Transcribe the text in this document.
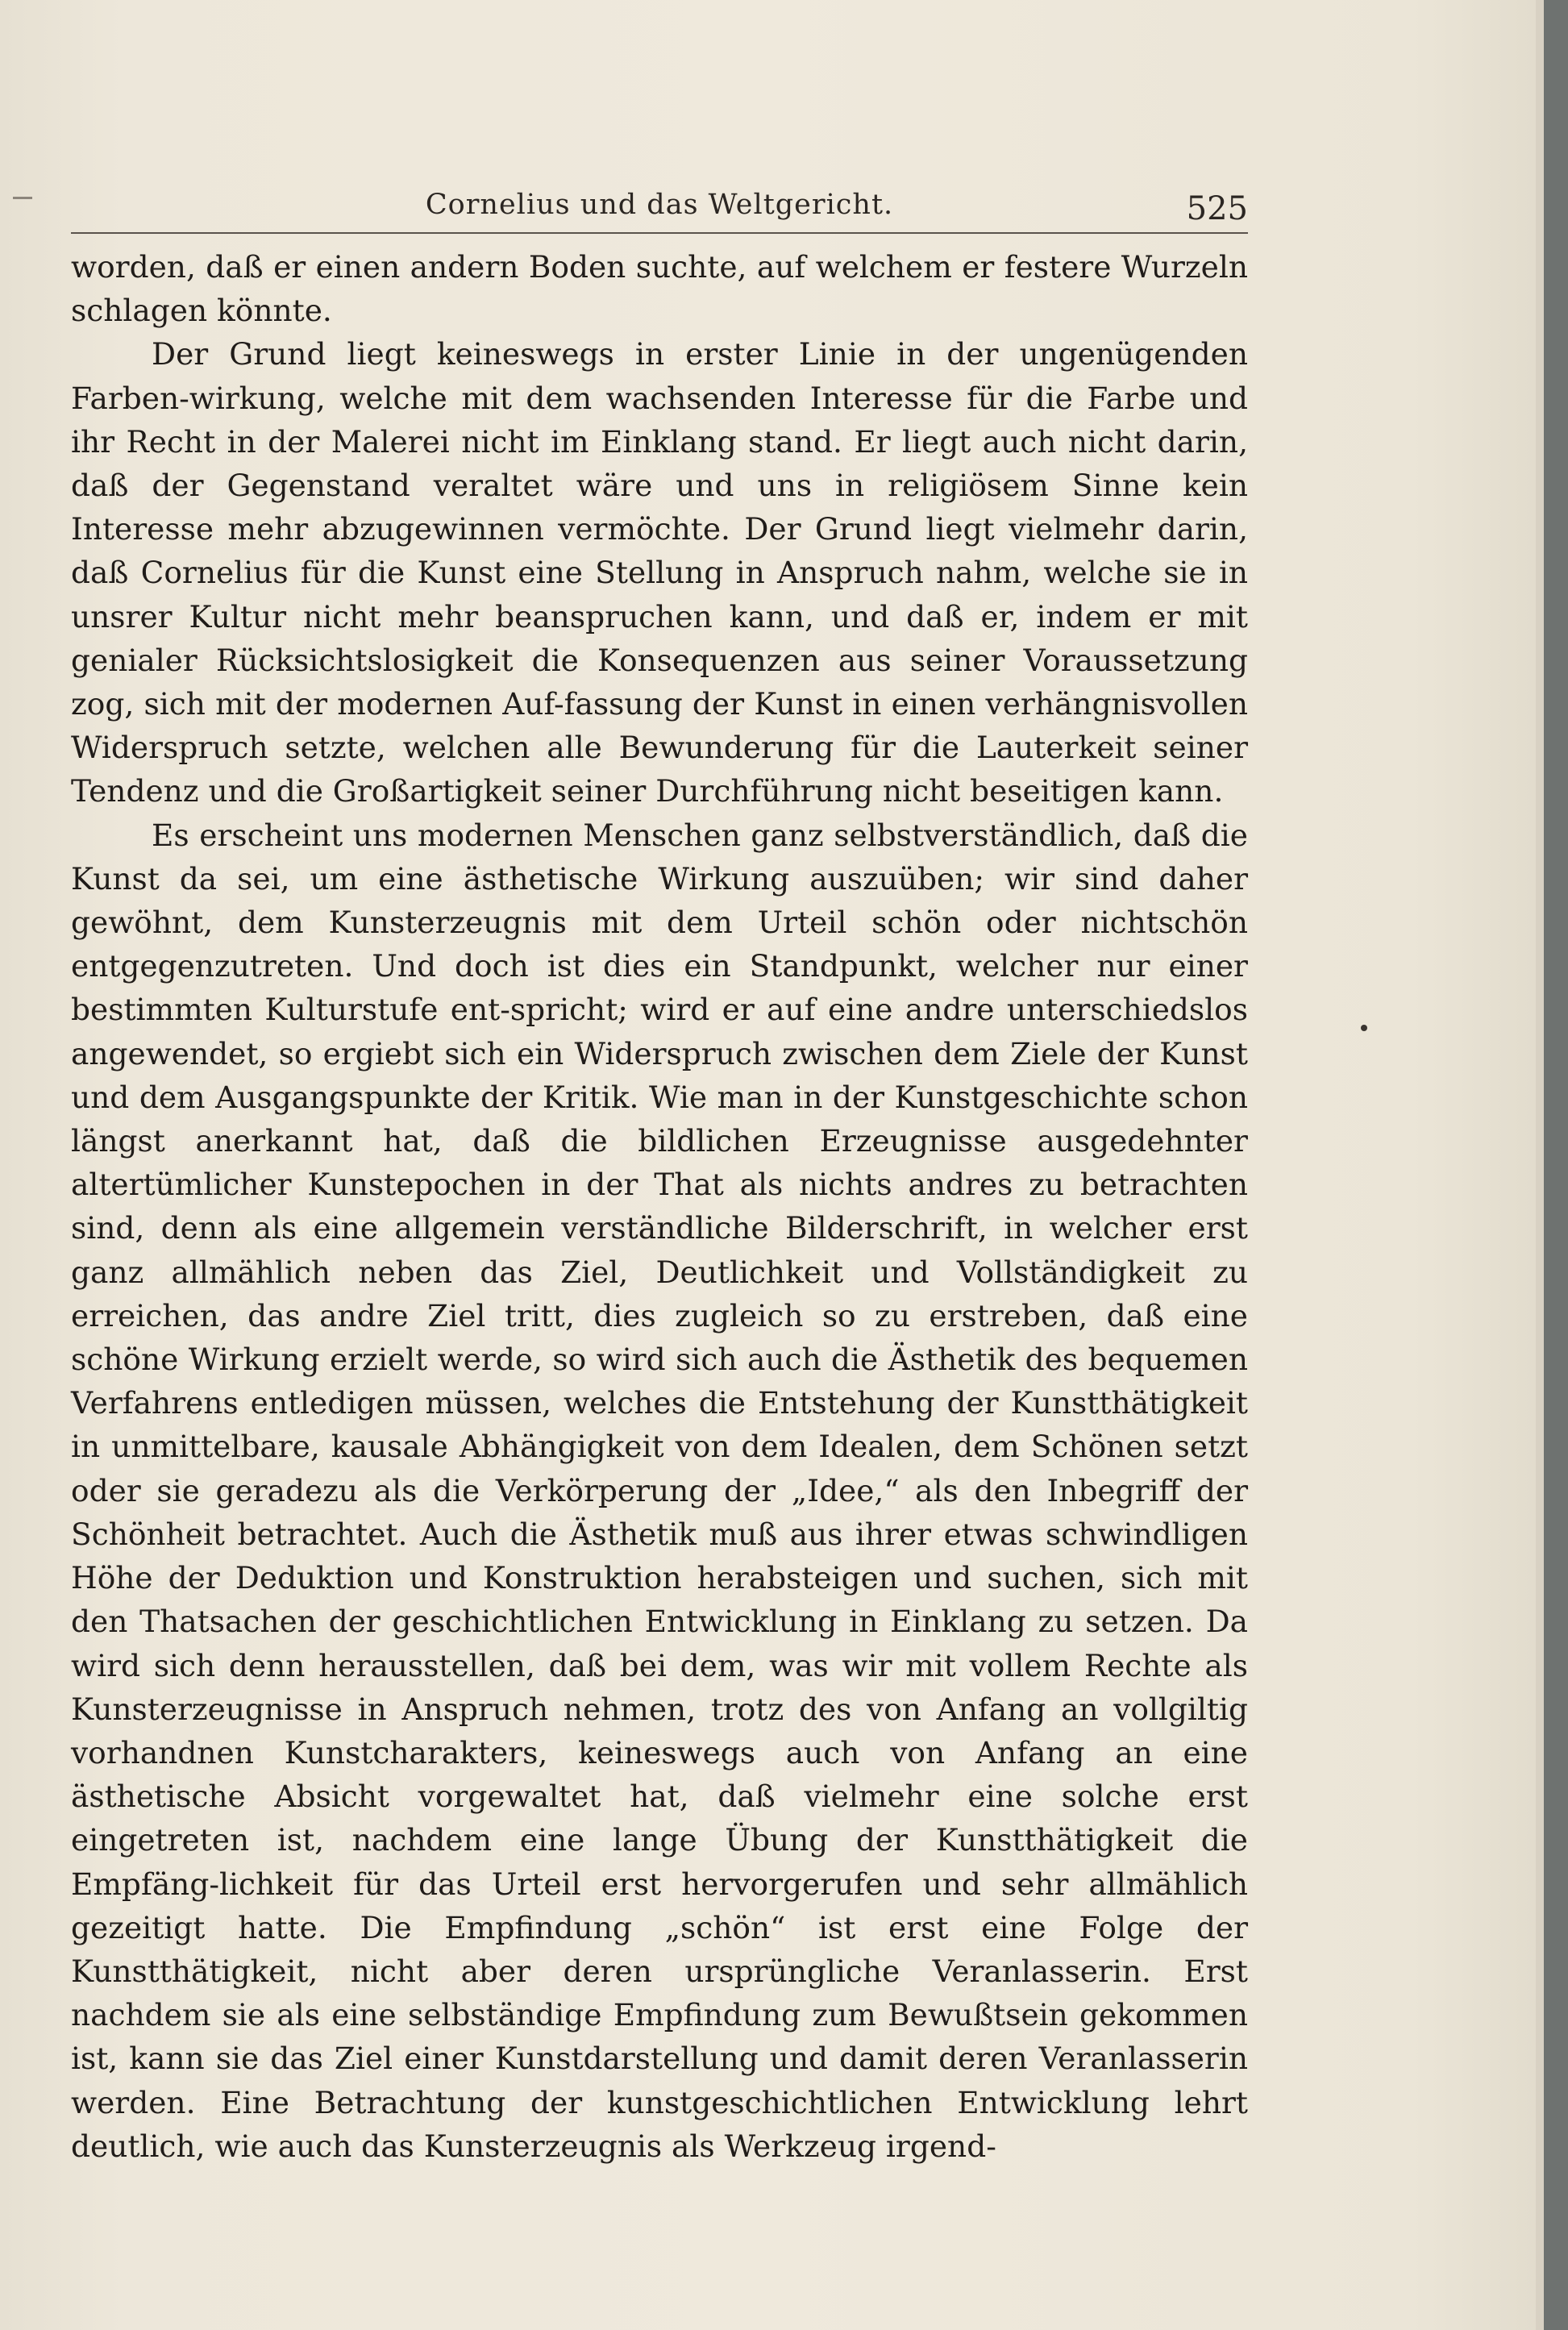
Cornelius und das Weltgericht.	525

worden, daß er einen andern Boden suchte, auf welchem er festere Wurzeln schlagen könnte.

Der Grund liegt keineswegs in erster Linie in der ungenügenden Farben-wirkung, welche mit dem wachsenden Interesse für die Farbe und ihr Recht in der Malerei nicht im Einklang stand. Er liegt auch nicht darin, daß der Gegenstand veraltet wäre und uns in religiösem Sinne kein Interesse mehr abzugewinnen vermöchte. Der Grund liegt vielmehr darin, daß Cornelius für die Kunst eine Stellung in Anspruch nahm, welche sie in unsrer Kultur nicht mehr beanspruchen kann, und daß er, indem er mit genialer Rücksichtslosigkeit die Konsequenzen aus seiner Voraussetzung zog, sich mit der modernen Auf-fassung der Kunst in einen verhängnisvollen Widerspruch setzte, welchen alle Bewunderung für die Lauterkeit seiner Tendenz und die Großartigkeit seiner Durchführung nicht beseitigen kann.

Es erscheint uns modernen Menschen ganz selbstverständlich, daß die Kunst da sei, um eine ästhetische Wirkung auszuüben; wir sind daher gewöhnt, dem Kunsterzeugnis mit dem Urteil schön oder nichtschön entgegenzutreten. Und doch ist dies ein Standpunkt, welcher nur einer bestimmten Kulturstufe ent-spricht; wird er auf eine andre unterschiedslos angewendet, so ergiebt sich ein Widerspruch zwischen dem Ziele der Kunst und dem Ausgangspunkte der Kritik. Wie man in der Kunstgeschichte schon längst anerkannt hat, daß die bildlichen Erzeugnisse ausgedehnter altertümlicher Kunstepochen in der That als nichts andres zu betrachten sind, denn als eine allgemein verständliche Bilderschrift, in welcher erst ganz allmählich neben das Ziel, Deutlichkeit und Vollständigkeit zu erreichen, das andre Ziel tritt, dies zugleich so zu erstreben, daß eine schöne Wirkung erzielt werde, so wird sich auch die Ästhetik des bequemen Verfahrens entledigen müssen, welches die Entstehung der Kunstthätigkeit in unmittelbare, kausale Abhängigkeit von dem Idealen, dem Schönen setzt oder sie geradezu als die Verkörperung der „Idee,“ als den Inbegriff der Schönheit betrachtet. Auch die Ästhetik muß aus ihrer etwas schwindligen Höhe der Deduktion und Konstruktion herabsteigen und suchen, sich mit den Thatsachen der geschichtlichen Entwicklung in Einklang zu setzen. Da wird sich denn herausstellen, daß bei dem, was wir mit vollem Rechte als Kunsterzeugnisse in Anspruch nehmen, trotz des von Anfang an vollgiltig vorhandnen Kunstcharakters, keineswegs auch von Anfang an eine ästhetische Absicht vorgewaltet hat, daß vielmehr eine solche erst eingetreten ist, nachdem eine lange Übung der Kunstthätigkeit die Empfäng-lichkeit für das Urteil erst hervorgerufen und sehr allmählich gezeitigt hatte. Die Empfindung „schön“ ist erst eine Folge der Kunstthätigkeit, nicht aber deren ursprüngliche Veranlasserin. Erst nachdem sie als eine selbständige Empfindung zum Bewußtsein gekommen ist, kann sie das Ziel einer Kunstdarstellung und damit deren Veranlasserin werden. Eine Betrachtung der kunstgeschichtlichen Entwicklung lehrt deutlich, wie auch das Kunsterzeugnis als Werkzeug irgend-
